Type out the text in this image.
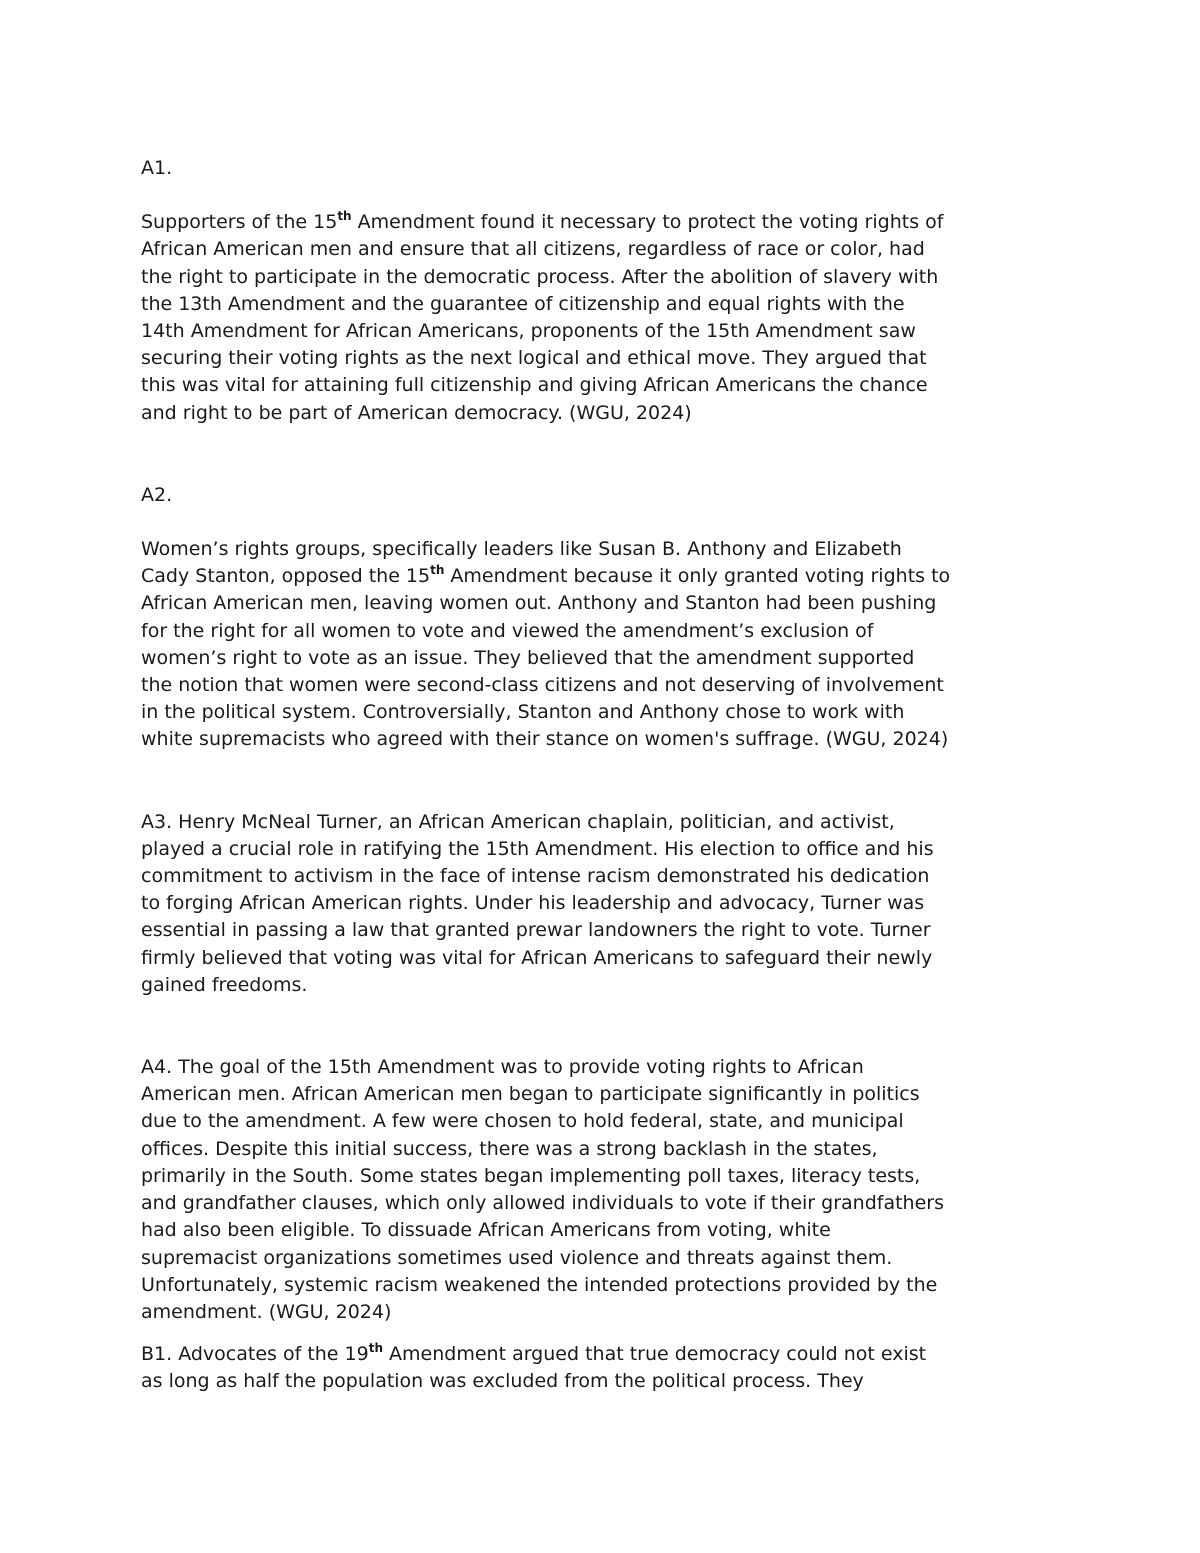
A1.
Supporters of the 15th Amendment found it necessary to protect the voting rights of
African American men and ensure that all citizens, regardless of race or color, had
the right to participate in the democratic process. After the abolition of slavery with
the 13th Amendment and the guarantee of citizenship and equal rights with the
14th Amendment for African Americans, proponents of the 15th Amendment saw
securing their voting rights as the next logical and ethical move. They argued that
this was vital for attaining full citizenship and giving African Americans the chance
and right to be part of American democracy. (WGU, 2024)
A2.
Women’s rights groups, specifically leaders like Susan B. Anthony and Elizabeth
Cady Stanton, opposed the 15th Amendment because it only granted voting rights to
African American men, leaving women out. Anthony and Stanton had been pushing
for the right for all women to vote and viewed the amendment’s exclusion of
women’s right to vote as an issue. They believed that the amendment supported
the notion that women were second-class citizens and not deserving of involvement
in the political system. Controversially, Stanton and Anthony chose to work with
white supremacists who agreed with their stance on women's suffrage. (WGU, 2024)
A3. Henry McNeal Turner, an African American chaplain, politician, and activist,
played a crucial role in ratifying the 15th Amendment. His election to office and his
commitment to activism in the face of intense racism demonstrated his dedication
to forging African American rights. Under his leadership and advocacy, Turner was
essential in passing a law that granted prewar landowners the right to vote. Turner
firmly believed that voting was vital for African Americans to safeguard their newly
gained freedoms.
A4. The goal of the 15th Amendment was to provide voting rights to African
American men. African American men began to participate significantly in politics
due to the amendment. A few were chosen to hold federal, state, and municipal
offices. Despite this initial success, there was a strong backlash in the states,
primarily in the South. Some states began implementing poll taxes, literacy tests,
and grandfather clauses, which only allowed individuals to vote if their grandfathers
had also been eligible. To dissuade African Americans from voting, white
supremacist organizations sometimes used violence and threats against them.
Unfortunately, systemic racism weakened the intended protections provided by the
amendment. (WGU, 2024)
B1. Advocates of the 19th Amendment argued that true democracy could not exist
as long as half the population was excluded from the political process. They
